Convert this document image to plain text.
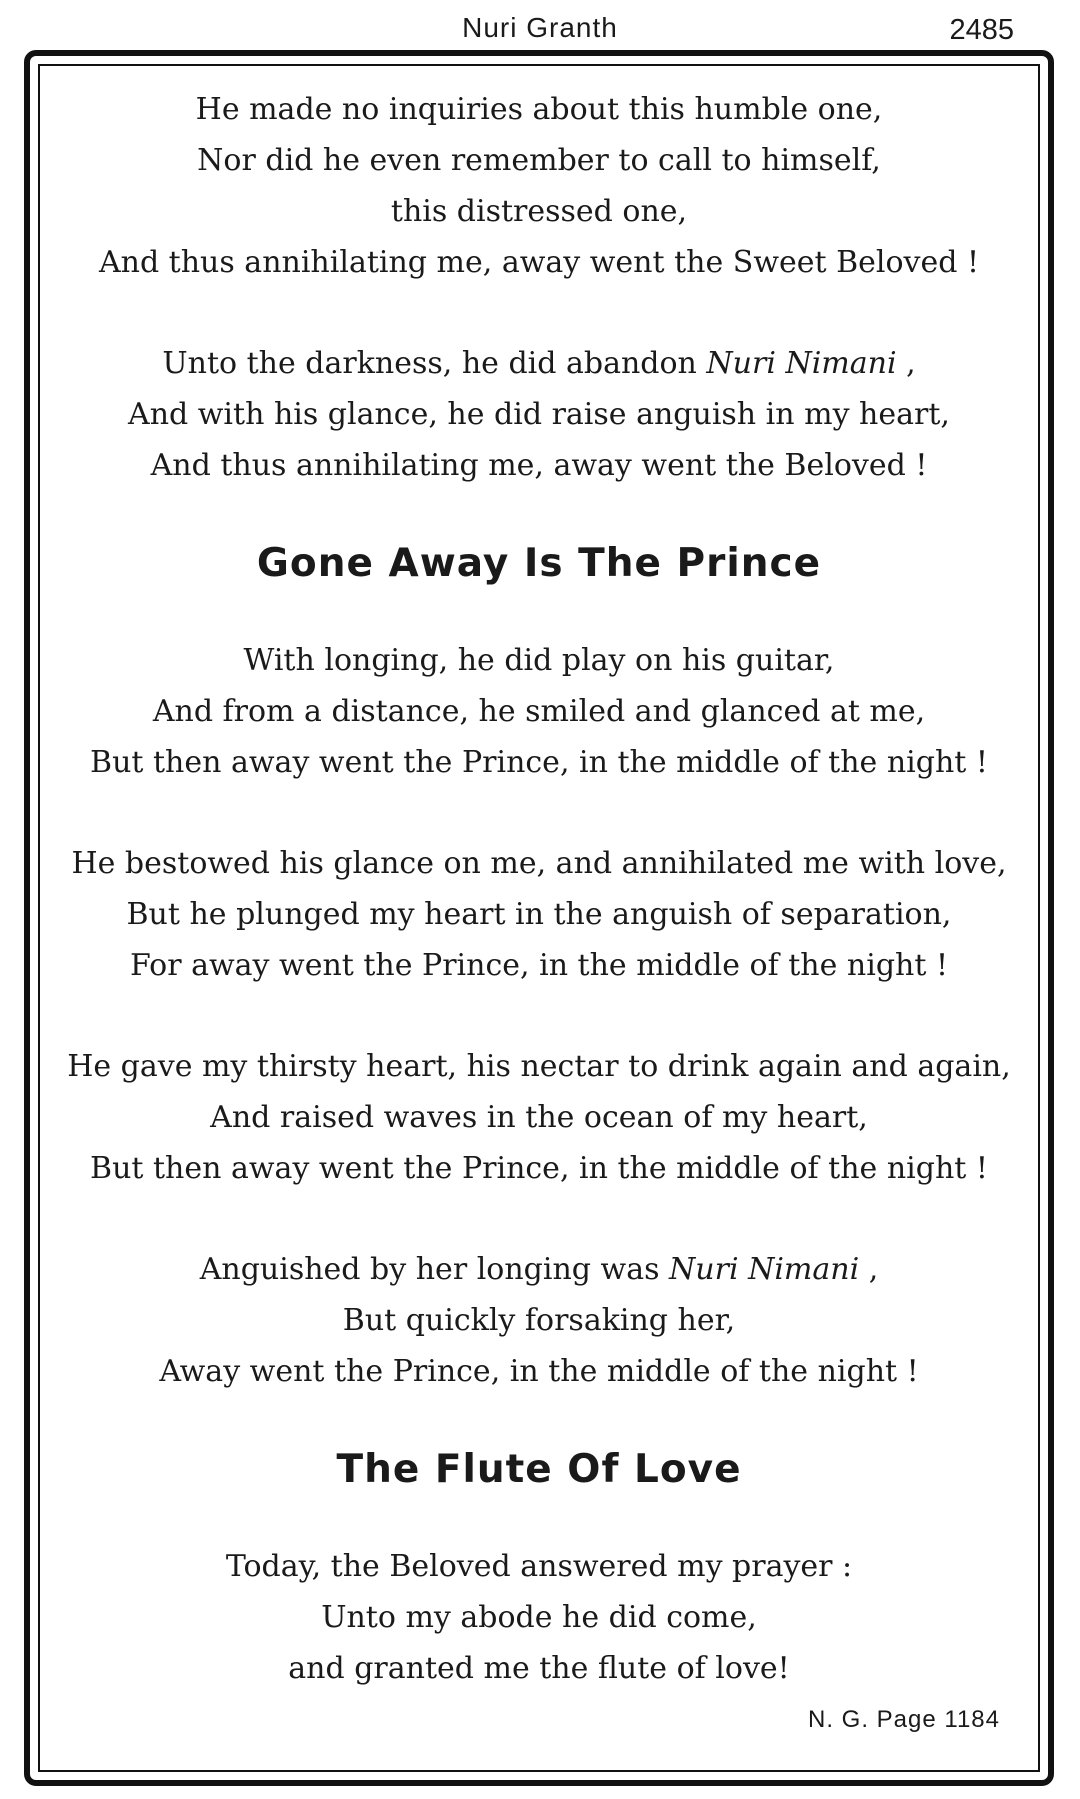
Nuri Granth	2485
He made no inquiries about this humble one,
Nor did he even remember to call to himself,
this distressed one,
And thus annihilating me, away went the Sweet Beloved !
Unto the darkness, he did abandon Nuri Nimani ,
And with his glance, he did raise anguish in my heart,
And thus annihilating me, away went the Beloved !
Gone Away Is The Prince
With longing, he did play on his guitar,
And from a distance, he smiled and glanced at me,
But then away went the Prince, in the middle of the night !
He bestowed his glance on me, and annihilated me with love,
But he plunged my heart in the anguish of separation,
For away went the Prince, in the middle of the night !
He gave my thirsty heart, his nectar to drink again and again,
And raised waves in the ocean of my heart,
But then away went the Prince, in the middle of the night !
Anguished by her longing was Nuri Nimani ,
But quickly forsaking her,
Away went the Prince, in the middle of the night !
The Flute Of Love
Today, the Beloved answered my prayer :
Unto my abode he did come,
and granted me the flute of love!
N. G. Page 1184
